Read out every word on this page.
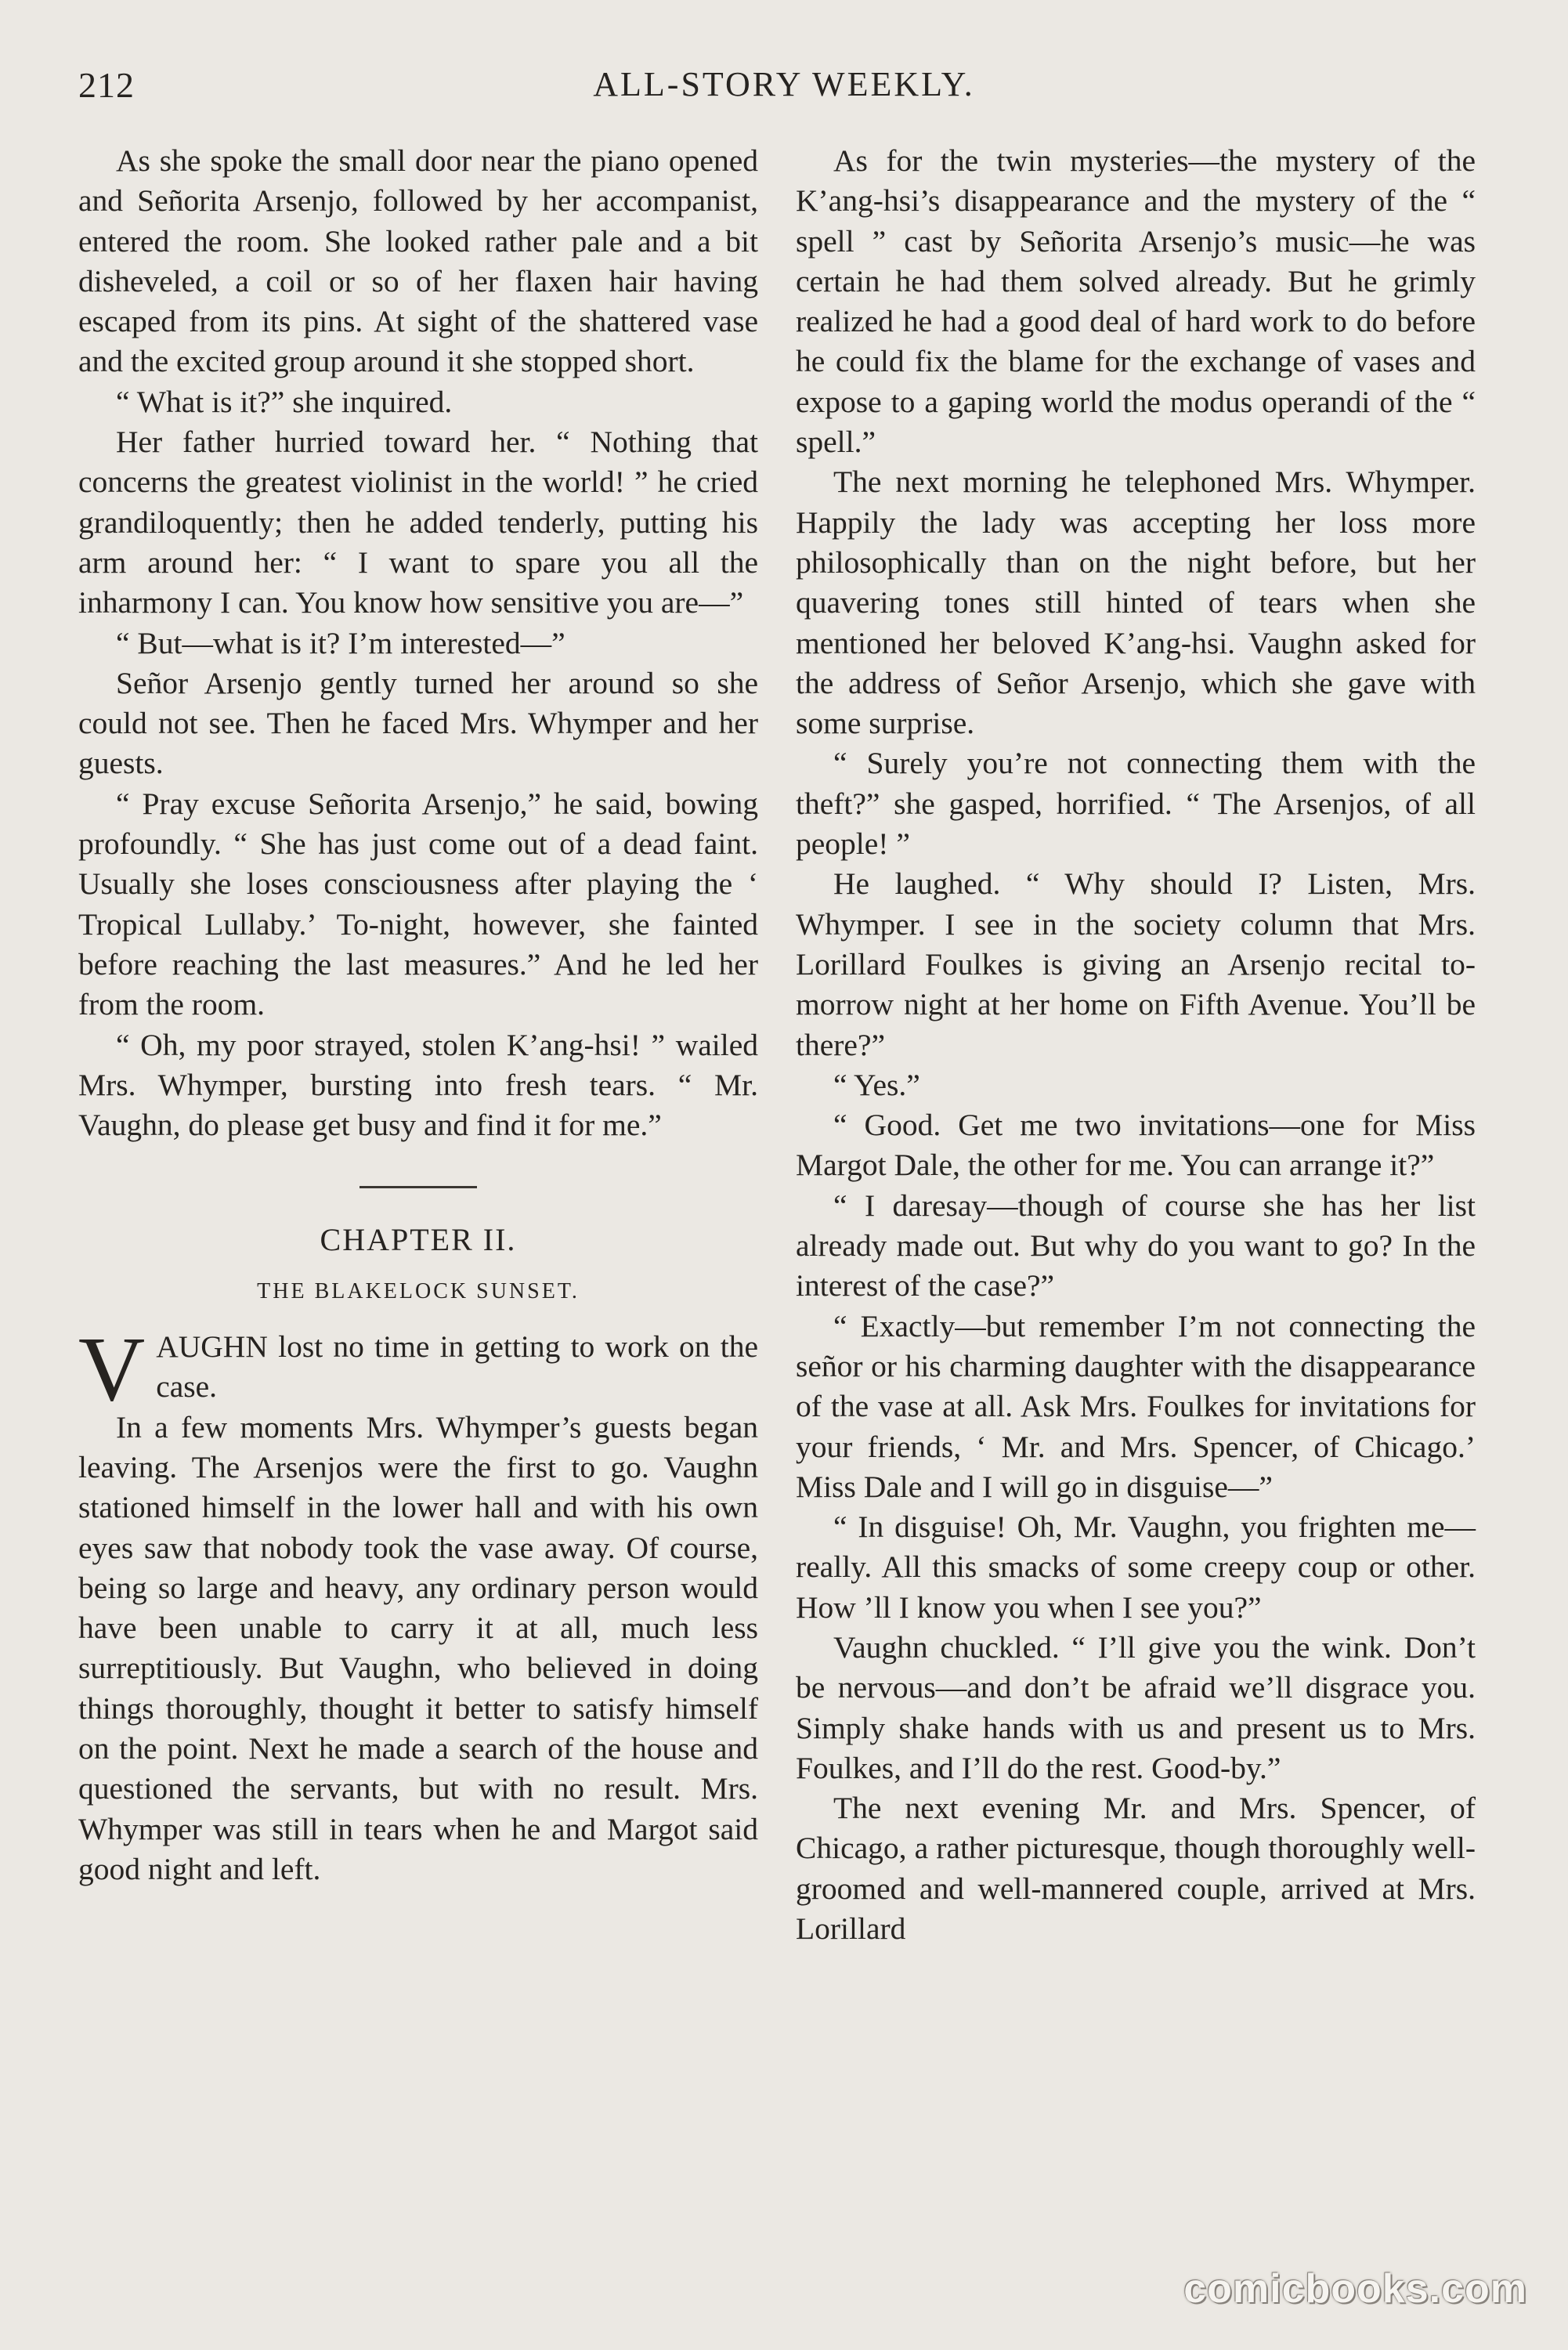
212	ALL-STORY WEEKLY.

As she spoke the small door near the piano opened and Señorita Arsenjo, followed by her accompanist, entered the room. She looked rather pale and a bit disheveled, a coil or so of her flaxen hair having escaped from its pins. At sight of the shattered vase and the excited group around it she stopped short.

“ What is it?” she inquired.

Her father hurried toward her. “ Nothing that concerns the greatest violinist in the world! ” he cried grandiloquently; then he added tenderly, putting his arm around her: “ I want to spare you all the inharmony I can. You know how sensitive you are—”

“ But—what is it? I’m interested—”

Señor Arsenjo gently turned her around so she could not see. Then he faced Mrs. Whymper and her guests.

“ Pray excuse Señorita Arsenjo,” he said, bowing profoundly. “ She has just come out of a dead faint. Usually she loses consciousness after playing the ‘ Tropical Lullaby.’ To-night, however, she fainted before reaching the last measures.” And he led her from the room.

“ Oh, my poor strayed, stolen K’ang-hsi! ” wailed Mrs. Whymper, bursting into fresh tears. “ Mr. Vaughn, do please get busy and find it for me.”

CHAPTER II.
THE BLAKELOCK SUNSET.
V AUGHN lost no time in getting to work on the case.

In a few moments Mrs. Whymper’s guests began leaving. The Arsenjos were the first to go. Vaughn stationed himself in the lower hall and with his own eyes saw that nobody took the vase away. Of course, being so large and heavy, any ordinary person would have been unable to carry it at all, much less surreptitiously. But Vaughn, who believed in doing things thoroughly, thought it better to satisfy himself on the point. Next he made a search of the house and questioned the servants, but with no result. Mrs. Whymper was still in tears when he and Margot said good night and left.

As for the twin mysteries—the mystery of the K’ang-hsi’s disappearance and the mystery of the “ spell ” cast by Señorita Arsenjo’s music—he was certain he had them solved already. But he grimly realized he had a good deal of hard work to do before he could fix the blame for the exchange of vases and expose to a gaping world the modus operandi of the “ spell.”

The next morning he telephoned Mrs. Whymper. Happily the lady was accepting her loss more philosophically than on the night before, but her quavering tones still hinted of tears when she mentioned her beloved K’ang-hsi. Vaughn asked for the address of Señor Arsenjo, which she gave with some surprise.

“ Surely you’re not connecting them with the theft?” she gasped, horrified. “ The Arsenjos, of all people! ”

He laughed. “ Why should I? Listen, Mrs. Whymper. I see in the society column that Mrs. Lorillard Foulkes is giving an Arsenjo recital to-morrow night at her home on Fifth Avenue. You’ll be there?”

“ Yes.”

“ Good. Get me two invitations—one for Miss Margot Dale, the other for me. You can arrange it?”

“ I daresay—though of course she has her list already made out. But why do you want to go? In the interest of the case?”

“ Exactly—but remember I’m not connecting the señor or his charming daughter with the disappearance of the vase at all. Ask Mrs. Foulkes for invitations for your friends, ‘ Mr. and Mrs. Spencer, of Chicago.’ Miss Dale and I will go in disguise—”

“ In disguise! Oh, Mr. Vaughn, you frighten me—really. All this smacks of some creepy coup or other. How ’ll I know you when I see you?”

Vaughn chuckled. “ I’ll give you the wink. Don’t be nervous—and don’t be afraid we’ll disgrace you. Simply shake hands with us and present us to Mrs. Foulkes, and I’ll do the rest. Good-by.”

The next evening Mr. and Mrs. Spencer, of Chicago, a rather picturesque, though thoroughly well-groomed and well-mannered couple, arrived at Mrs. Lorillard

comicbooks.com
